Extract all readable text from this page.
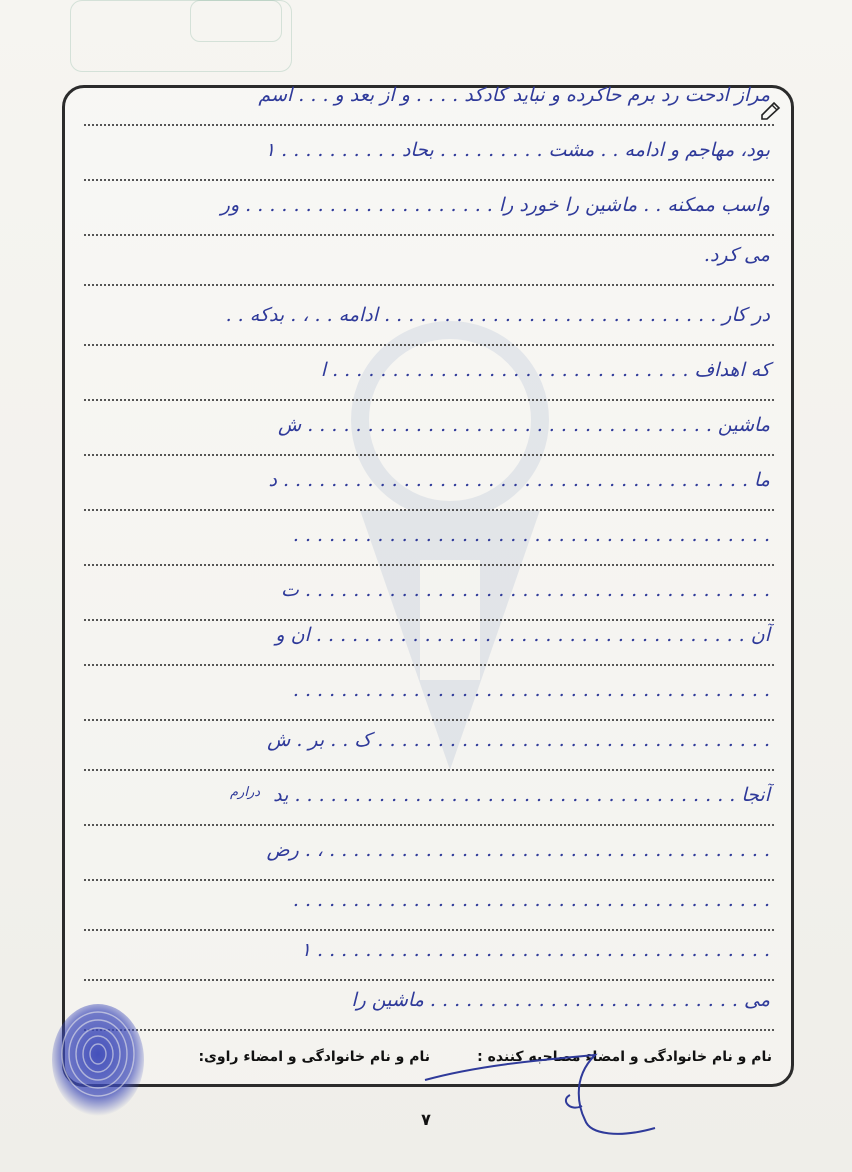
مراز ادحت رد برم حاکرده و نباید کادکد . . . . و از بعد و . . . اسم
بود، مهاجم و ادامه . . مشت . . . . . . . . . بحاد . . . . . . . . . . ۱
واسب ممکنه . . ماشین را خورد را . . . . . . . . . . . . . . . . . . . . . ور
می کرد.
در کار . . . . . . . . . . . . . . . . . . . . . . . . . . . . ادامه . . ، . بدکه . .
که اهداف . . . . . . . . . . . . . . . . . . . . . . . . . . . . . . ا
ماشین . . . . . . . . . . . . . . . . . . . . . . . . . . . . . . . . . . ش
ما . . . . . . . . . . . . . . . . . . . . . . . . . . . . . . . . . . . . . . . د
. . . . . . . . . . . . . . . . . . . . . . . . . . . . . . . . . . . . . . . .
. . . . . . . . . . . . . . . . . . . . . . . . . . . . . . . . . . . . . . . ت
آن . . . . . . . . . . . . . . . . . . . . . . . . . . . . . . . . . . . . ان و
. . . . . . . . . . . . . . . . . . . . . . . . . . . . . . . . . . . . . . . .
. . . . . . . . . . . . . . . . . . . . . . . . . . . . . . . . . ک . . بر . ش
آنجا . . . . . . . . . . . . . . . . . . . . . . . . . . . . . . . . . . . . . ید
. . . . . . . . . . . . . . . . . . . . . . . . . . . . . . . . . . . . . ، . رض
. . . . . . . . . . . . . . . . . . . . . . . . . . . . . . . . . . . . . . . .
. . . . . . . . . . . . . . . . . . . . . . . . . . . . . . . . . . . . . . ۱
می . . . . . . . . . . . . . . . . . . . . . . . . . . ماشین را
درارم
نام و نام خانوادگی و امضاء مصاحبه کننده :
نام و نام خانوادگی و امضاء راوی:
۷
